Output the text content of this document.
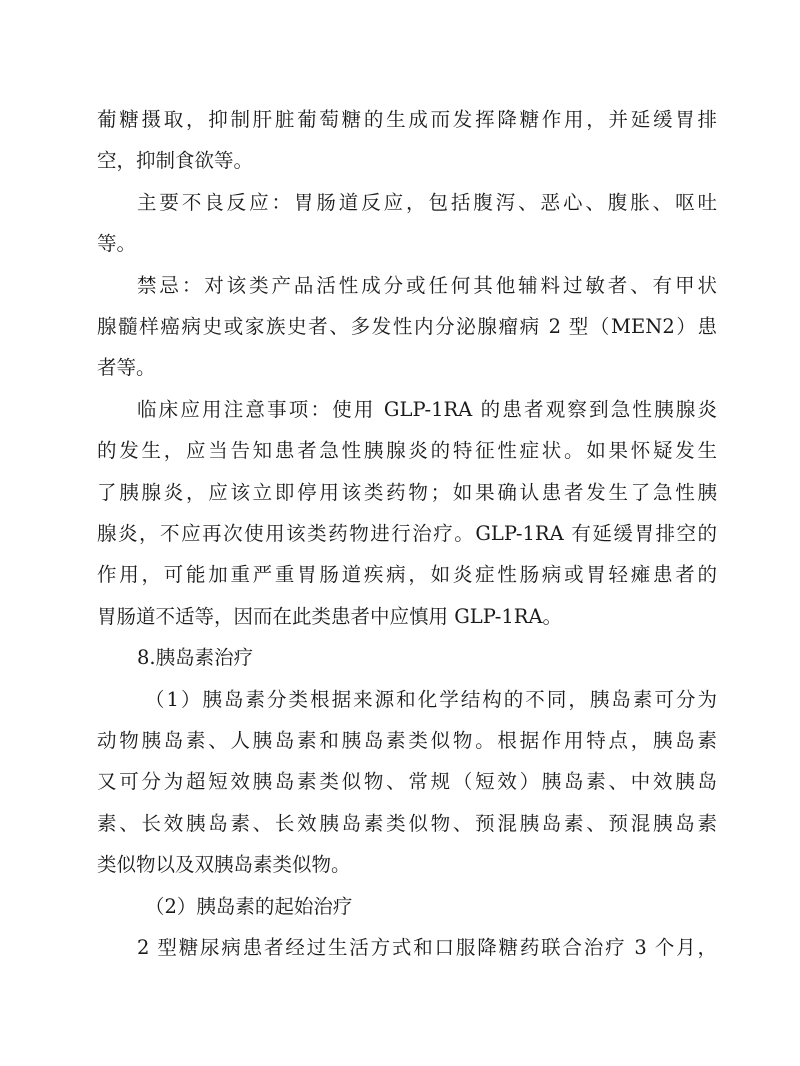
葡糖摄取，抑制肝脏葡萄糖的生成而发挥降糖作用，并延缓胃排
空，抑制食欲等。
主要不良反应：胃肠道反应，包括腹泻、恶心、腹胀、呕吐
等。
禁忌：对该类产品活性成分或任何其他辅料过敏者、有甲状
腺髓样癌病史或家族史者、多发性内分泌腺瘤病 2 型（MEN2）患
者等。
临床应用注意事项：使用 GLP-1RA 的患者观察到急性胰腺炎
的发生，应当告知患者急性胰腺炎的特征性症状。如果怀疑发生
了胰腺炎，应该立即停用该类药物；如果确认患者发生了急性胰
腺炎，不应再次使用该类药物进行治疗。GLP-1RA 有延缓胃排空的
作用，可能加重严重胃肠道疾病，如炎症性肠病或胃轻瘫患者的
胃肠道不适等，因而在此类患者中应慎用 GLP-1RA。
8.胰岛素治疗
（1）胰岛素分类根据来源和化学结构的不同，胰岛素可分为
动物胰岛素、人胰岛素和胰岛素类似物。根据作用特点，胰岛素
又可分为超短效胰岛素类似物、常规（短效）胰岛素、中效胰岛
素、长效胰岛素、长效胰岛素类似物、预混胰岛素、预混胰岛素
类似物以及双胰岛素类似物。
（2）胰岛素的起始治疗
2 型糖尿病患者经过生活方式和口服降糖药联合治疗 3 个月，
